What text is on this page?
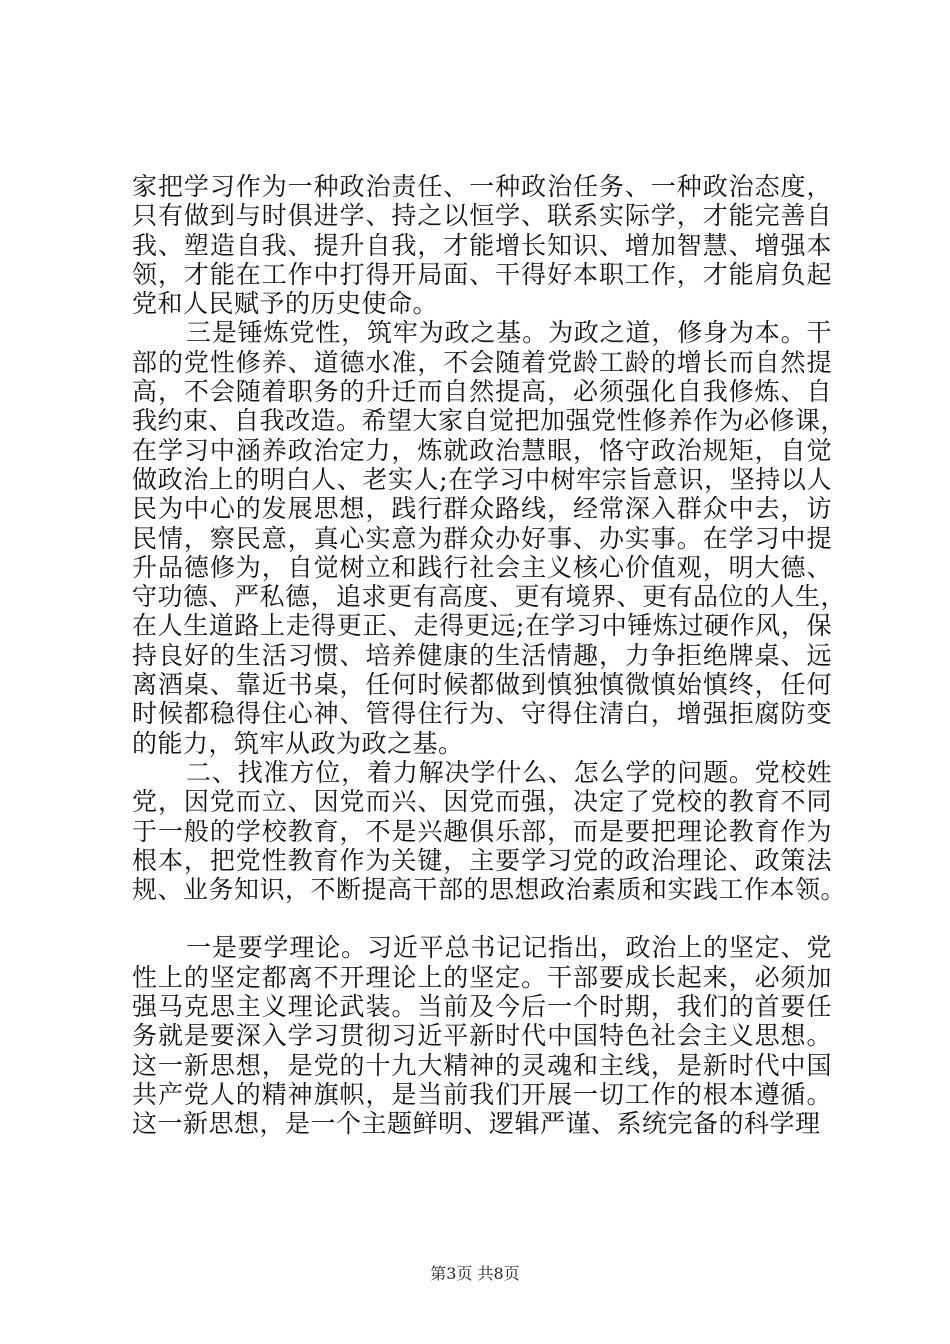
家把学习作为一种政治责任、一种政治任务、一种政治态度，
只有做到与时俱进学、持之以恒学、联系实际学，才能完善自
我、塑造自我、提升自我，才能增长知识、增加智慧、增强本
领，才能在工作中打得开局面、干得好本职工作，才能肩负起
党和人民赋予的历史使命。
三是锤炼党性，筑牢为政之基。为政之道，修身为本。干
部的党性修养、道德水准，不会随着党龄工龄的增长而自然提
高，不会随着职务的升迁而自然提高，必须强化自我修炼、自
我约束、自我改造。希望大家自觉把加强党性修养作为必修课，
在学习中涵养政治定力，炼就政治慧眼，恪守政治规矩，自觉
做政治上的明白人、老实人;在学习中树牢宗旨意识，坚持以人
民为中心的发展思想，践行群众路线，经常深入群众中去，访
民情，察民意，真心实意为群众办好事、办实事。在学习中提
升品德修为，自觉树立和践行社会主义核心价值观，明大德、
守功德、严私德，追求更有高度、更有境界、更有品位的人生，
在人生道路上走得更正、走得更远;在学习中锤炼过硬作风，保
持良好的生活习惯、培养健康的生活情趣，力争拒绝牌桌、远
离酒桌、靠近书桌，任何时候都做到慎独慎微慎始慎终，任何
时候都稳得住心神、管得住行为、守得住清白，增强拒腐防变
的能力，筑牢从政为政之基。
二、找准方位，着力解决学什么、怎么学的问题。党校姓
党，因党而立、因党而兴、因党而强，决定了党校的教育不同
于一般的学校教育，不是兴趣俱乐部，而是要把理论教育作为
根本，把党性教育作为关键，主要学习党的政治理论、政策法
规、业务知识，不断提高干部的思想政治素质和实践工作本领。
一是要学理论。习近平总书记记指出，政治上的坚定、党
性上的坚定都离不开理论上的坚定。干部要成长起来，必须加
强马克思主义理论武装。当前及今后一个时期，我们的首要任
务就是要深入学习贯彻习近平新时代中国特色社会主义思想。
这一新思想，是党的十九大精神的灵魂和主线，是新时代中国
共产党人的精神旗帜，是当前我们开展一切工作的根本遵循。
这一新思想，是一个主题鲜明、逻辑严谨、系统完备的科学理
第3页 共8页
